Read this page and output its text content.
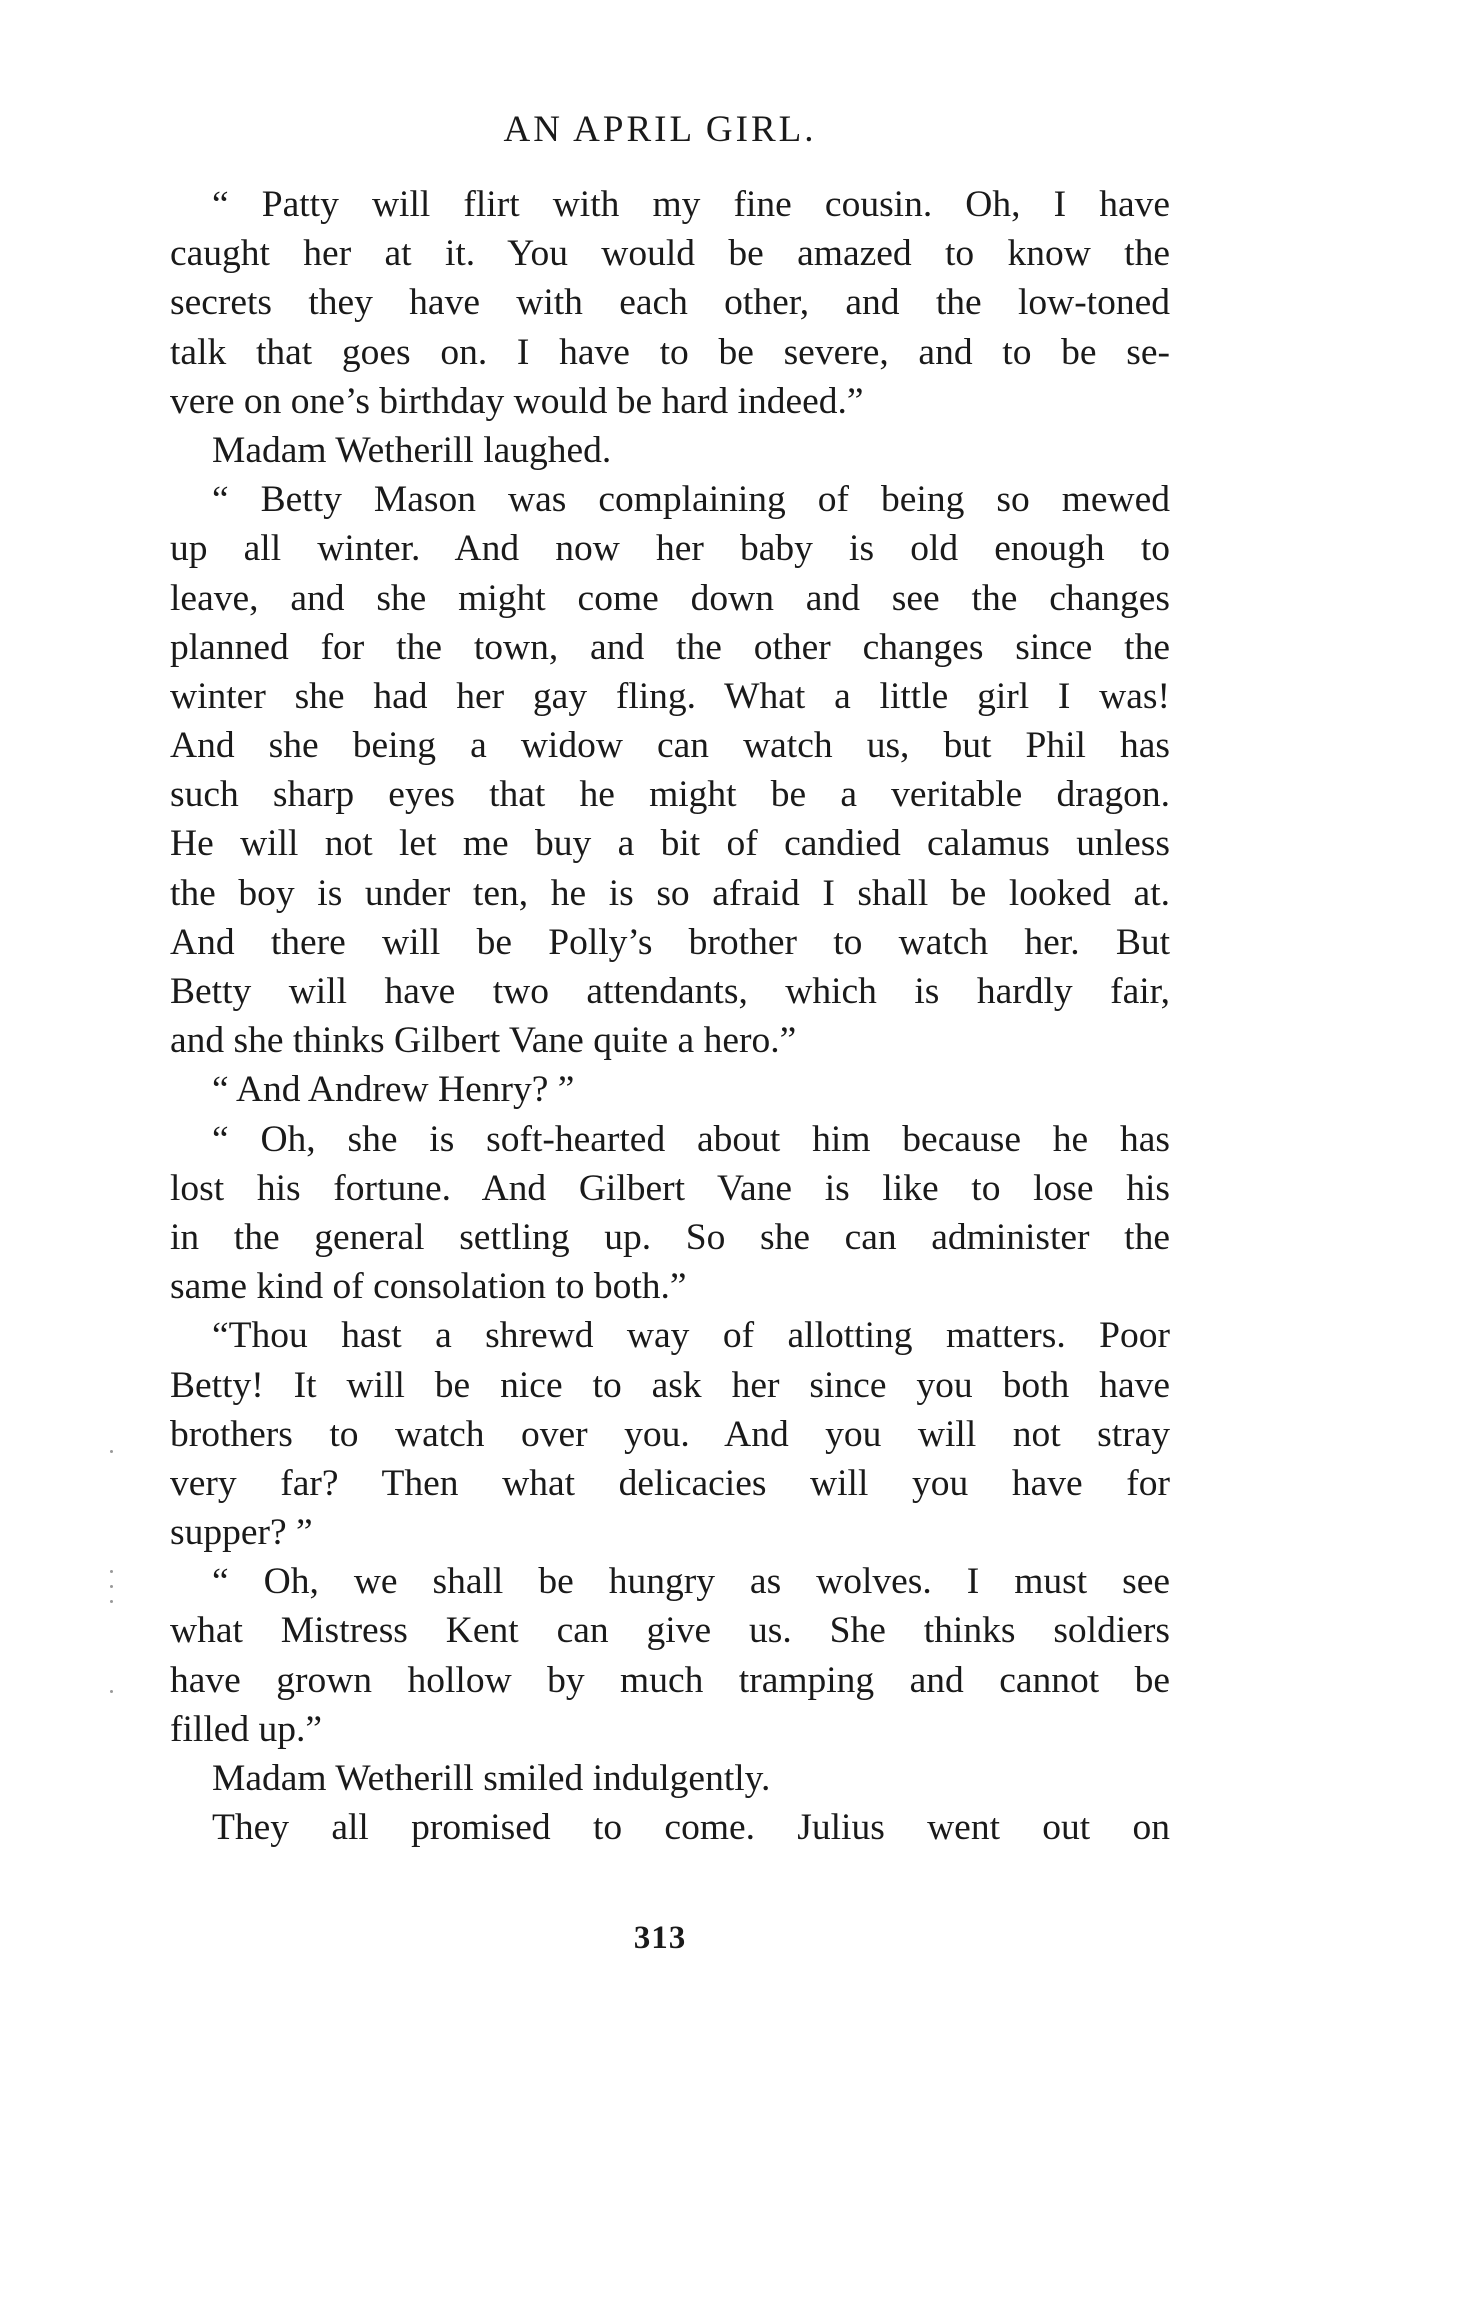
AN APRIL GIRL.
“ Patty will flirt with my fine cousin. Oh, I have
caught her at it. You would be amazed to know the
secrets they have with each other, and the low-toned
talk that goes on. I have to be severe, and to be se-
vere on one’s birthday would be hard indeed.”
Madam Wetherill laughed.
“ Betty Mason was complaining of being so mewed
up all winter. And now her baby is old enough to
leave, and she might come down and see the changes
planned for the town, and the other changes since the
winter she had her gay fling. What a little girl I was!
And she being a widow can watch us, but Phil has
such sharp eyes that he might be a veritable dragon.
He will not let me buy a bit of candied calamus unless
the boy is under ten, he is so afraid I shall be looked at.
And there will be Polly’s brother to watch her. But
Betty will have two attendants, which is hardly fair,
and she thinks Gilbert Vane quite a hero.”
“ And Andrew Henry? ”
“ Oh, she is soft-hearted about him because he has
lost his fortune. And Gilbert Vane is like to lose his
in the general settling up. So she can administer the
same kind of consolation to both.”
“Thou hast a shrewd way of allotting matters. Poor
Betty! It will be nice to ask her since you both have
brothers to watch over you. And you will not stray
very far? Then what delicacies will you have for
supper? ”
“ Oh, we shall be hungry as wolves. I must see
what Mistress Kent can give us. She thinks soldiers
have grown hollow by much tramping and cannot be
filled up.”
Madam Wetherill smiled indulgently.
They all promised to come. Julius went out on
313
